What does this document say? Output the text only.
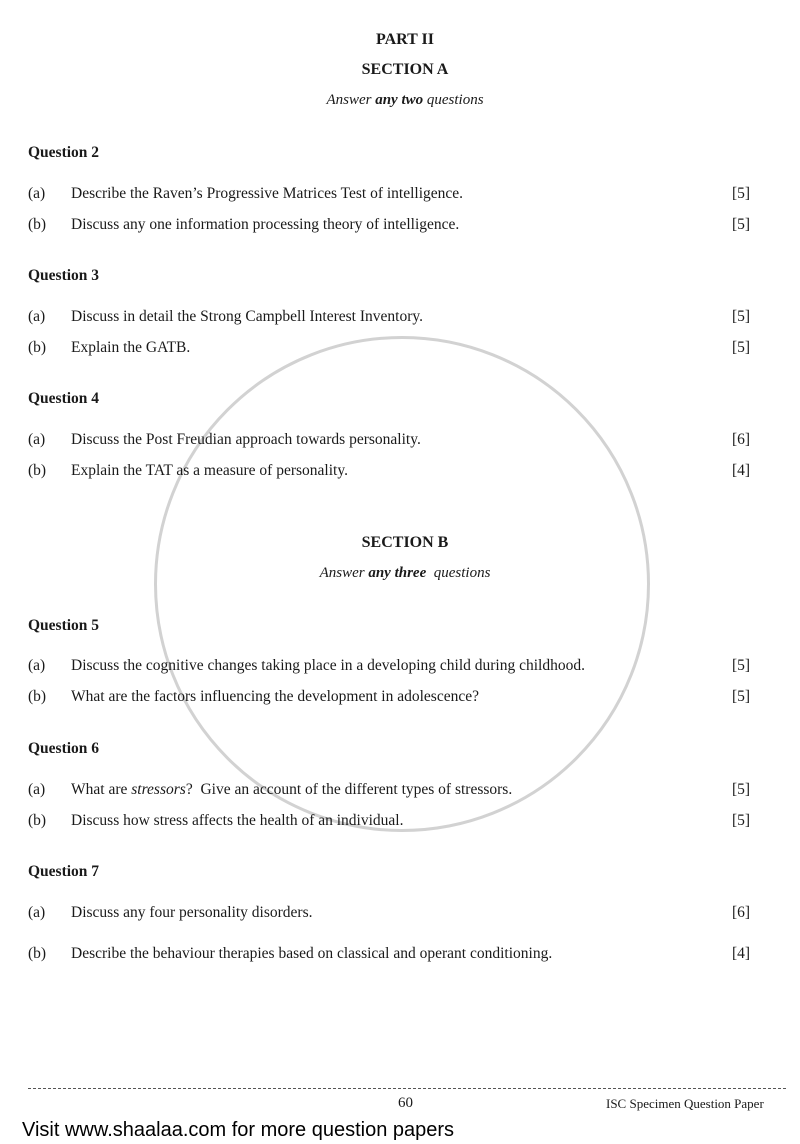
PART II
SECTION A
Answer any two questions
Question 2
(a) Describe the Raven’s Progressive Matrices Test of intelligence.	[5]
(b) Discuss any one information processing theory of intelligence.	[5]
Question 3
(a) Discuss in detail the Strong Campbell Interest Inventory.	[5]
(b) Explain the GATB.	[5]
Question 4
(a) Discuss the Post Freudian approach towards personality.	[6]
(b) Explain the TAT as a measure of personality.	[4]
SECTION B
Answer any three  questions
Question 5
(a) Discuss the cognitive changes taking place in a developing child during childhood.	[5]
(b) What are the factors influencing the development in adolescence?	[5]
Question 6
(a) What are stressors?  Give an account of the different types of stressors.	[5]
(b) Discuss how stress affects the health of an individual.	[5]
Question 7
(a) Discuss any four personality disorders.	[6]
(b) Describe the behaviour therapies based on classical and operant conditioning.	[4]
60	ISC Specimen Question Paper
Visit www.shaalaa.com for more question papers
